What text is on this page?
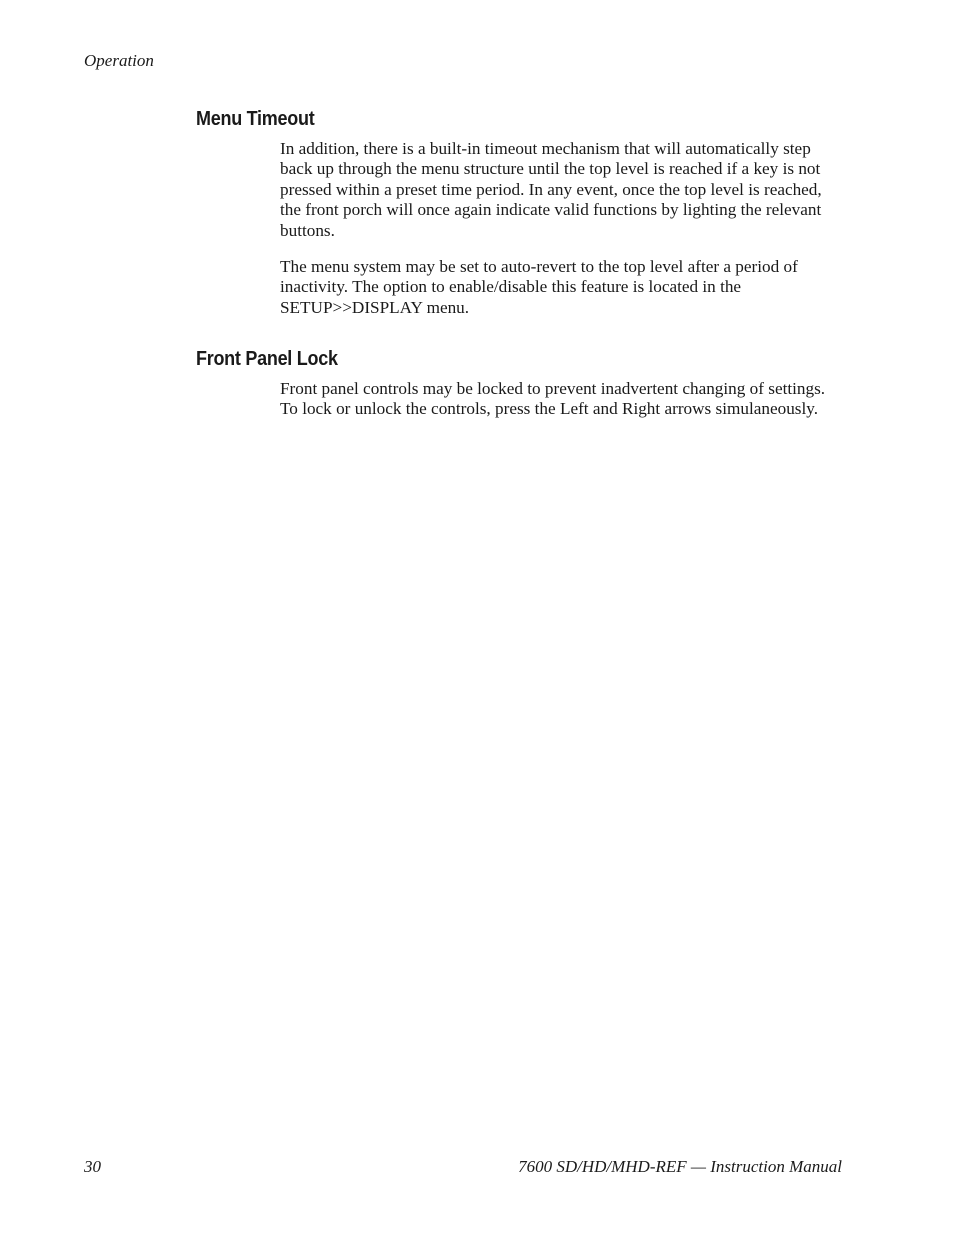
Operation

Menu Timeout

In addition, there is a built-in timeout mechanism that will automatically step back up through the menu structure until the top level is reached if a key is not pressed within a preset time period. In any event, once the top level is reached, the front porch will once again indicate valid functions by lighting the relevant buttons.

The menu system may be set to auto-revert to the top level after a period of inactivity. The option to enable/disable this feature is located in the SETUP>>DISPLAY menu.

Front Panel Lock

Front panel controls may be locked to prevent inadvertent changing of settings. To lock or unlock the controls, press the Left and Right arrows simulaneously.

30	7600 SD/HD/MHD-REF — Instruction Manual
